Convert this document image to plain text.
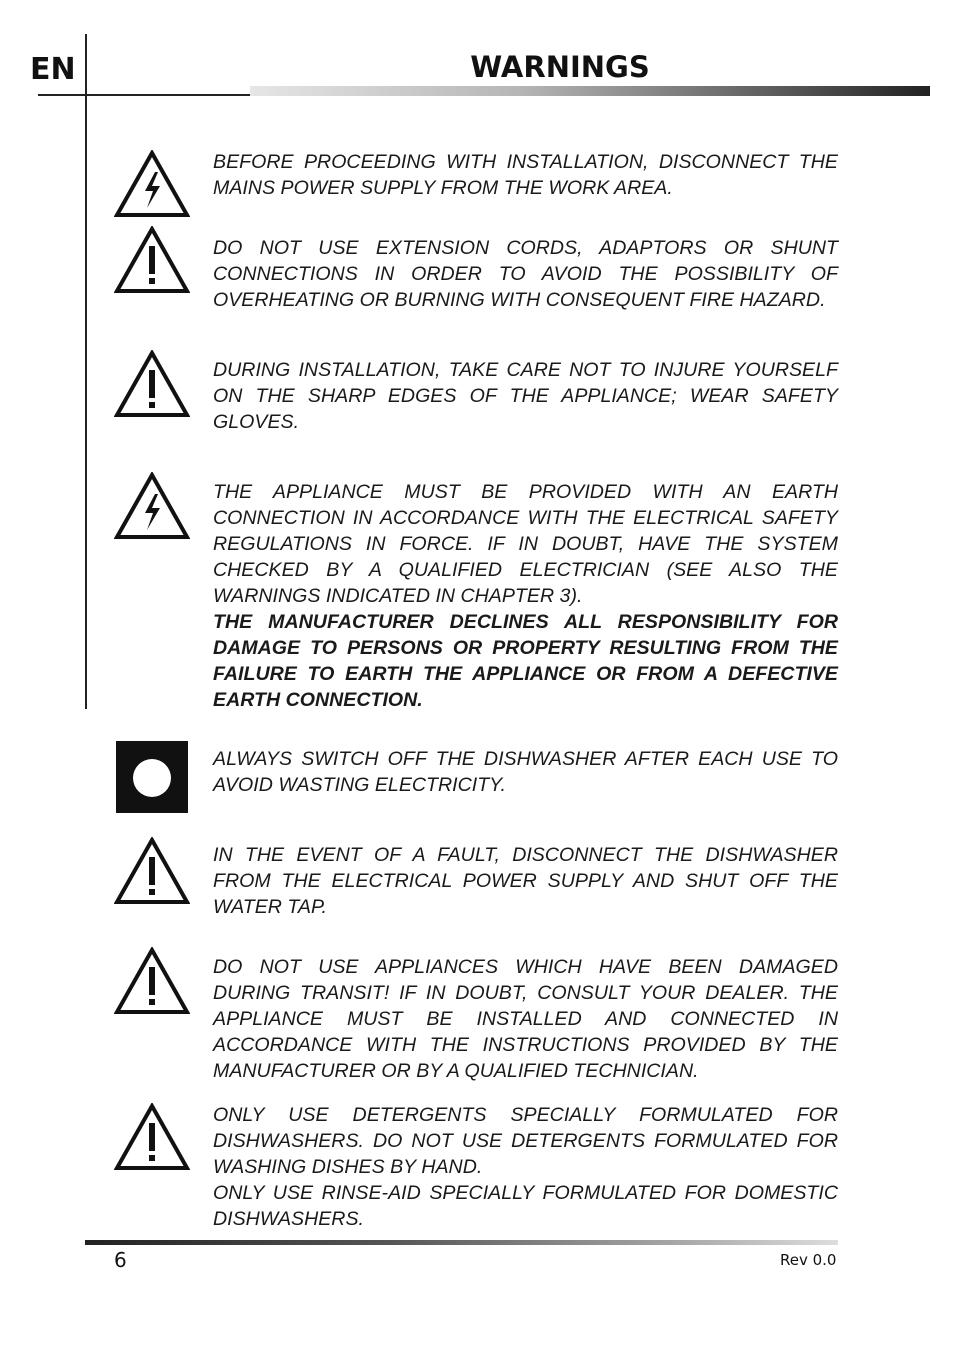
EN	WARNINGS

BEFORE PROCEEDING WITH INSTALLATION, DISCONNECT THE MAINS POWER SUPPLY FROM THE WORK AREA.

DO NOT USE EXTENSION CORDS, ADAPTORS OR SHUNT CONNECTIONS IN ORDER TO AVOID THE POSSIBILITY OF OVERHEATING OR BURNING WITH CONSEQUENT FIRE HAZARD.

DURING INSTALLATION, TAKE CARE NOT TO INJURE YOURSELF ON THE SHARP EDGES OF THE APPLIANCE; WEAR SAFETY GLOVES.

THE APPLIANCE MUST BE PROVIDED WITH AN EARTH CONNECTION IN ACCORDANCE WITH THE ELECTRICAL SAFETY REGULATIONS IN FORCE. IF IN DOUBT, HAVE THE SYSTEM CHECKED BY A QUALIFIED ELECTRICIAN (SEE ALSO THE WARNINGS INDICATED IN CHAPTER 3).
THE MANUFACTURER DECLINES ALL RESPONSIBILITY FOR DAMAGE TO PERSONS OR PROPERTY RESULTING FROM THE FAILURE TO EARTH THE APPLIANCE OR FROM A DEFECTIVE EARTH CONNECTION.

ALWAYS SWITCH OFF THE DISHWASHER AFTER EACH USE TO AVOID WASTING ELECTRICITY.

IN THE EVENT OF A FAULT, DISCONNECT THE DISHWASHER FROM THE ELECTRICAL POWER SUPPLY AND SHUT OFF THE WATER TAP.

DO NOT USE APPLIANCES WHICH HAVE BEEN DAMAGED DURING TRANSIT! IF IN DOUBT, CONSULT YOUR DEALER. THE APPLIANCE MUST BE INSTALLED AND CONNECTED IN ACCORDANCE WITH THE INSTRUCTIONS PROVIDED BY THE MANUFACTURER OR BY A QUALIFIED TECHNICIAN.

ONLY USE DETERGENTS SPECIALLY FORMULATED FOR DISHWASHERS. DO NOT USE DETERGENTS FORMULATED FOR WASHING DISHES BY HAND.
ONLY USE RINSE-AID SPECIALLY FORMULATED FOR DOMESTIC DISHWASHERS.
6	Rev 0.0
